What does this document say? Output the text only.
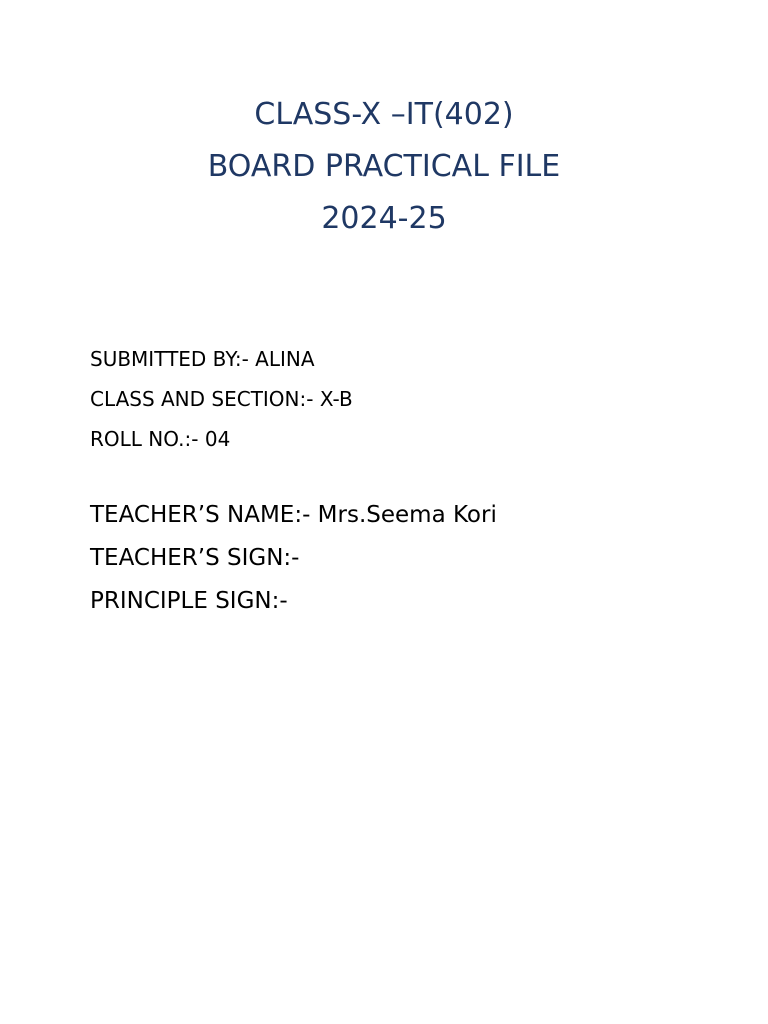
CLASS-X –IT(402)
BOARD PRACTICAL FILE
2024-25
SUBMITTED BY:- ALINA
CLASS AND SECTION:- X-B
ROLL NO.:- 04
TEACHER’S NAME:- Mrs.Seema Kori
TEACHER’S SIGN:-
PRINCIPLE SIGN:-
